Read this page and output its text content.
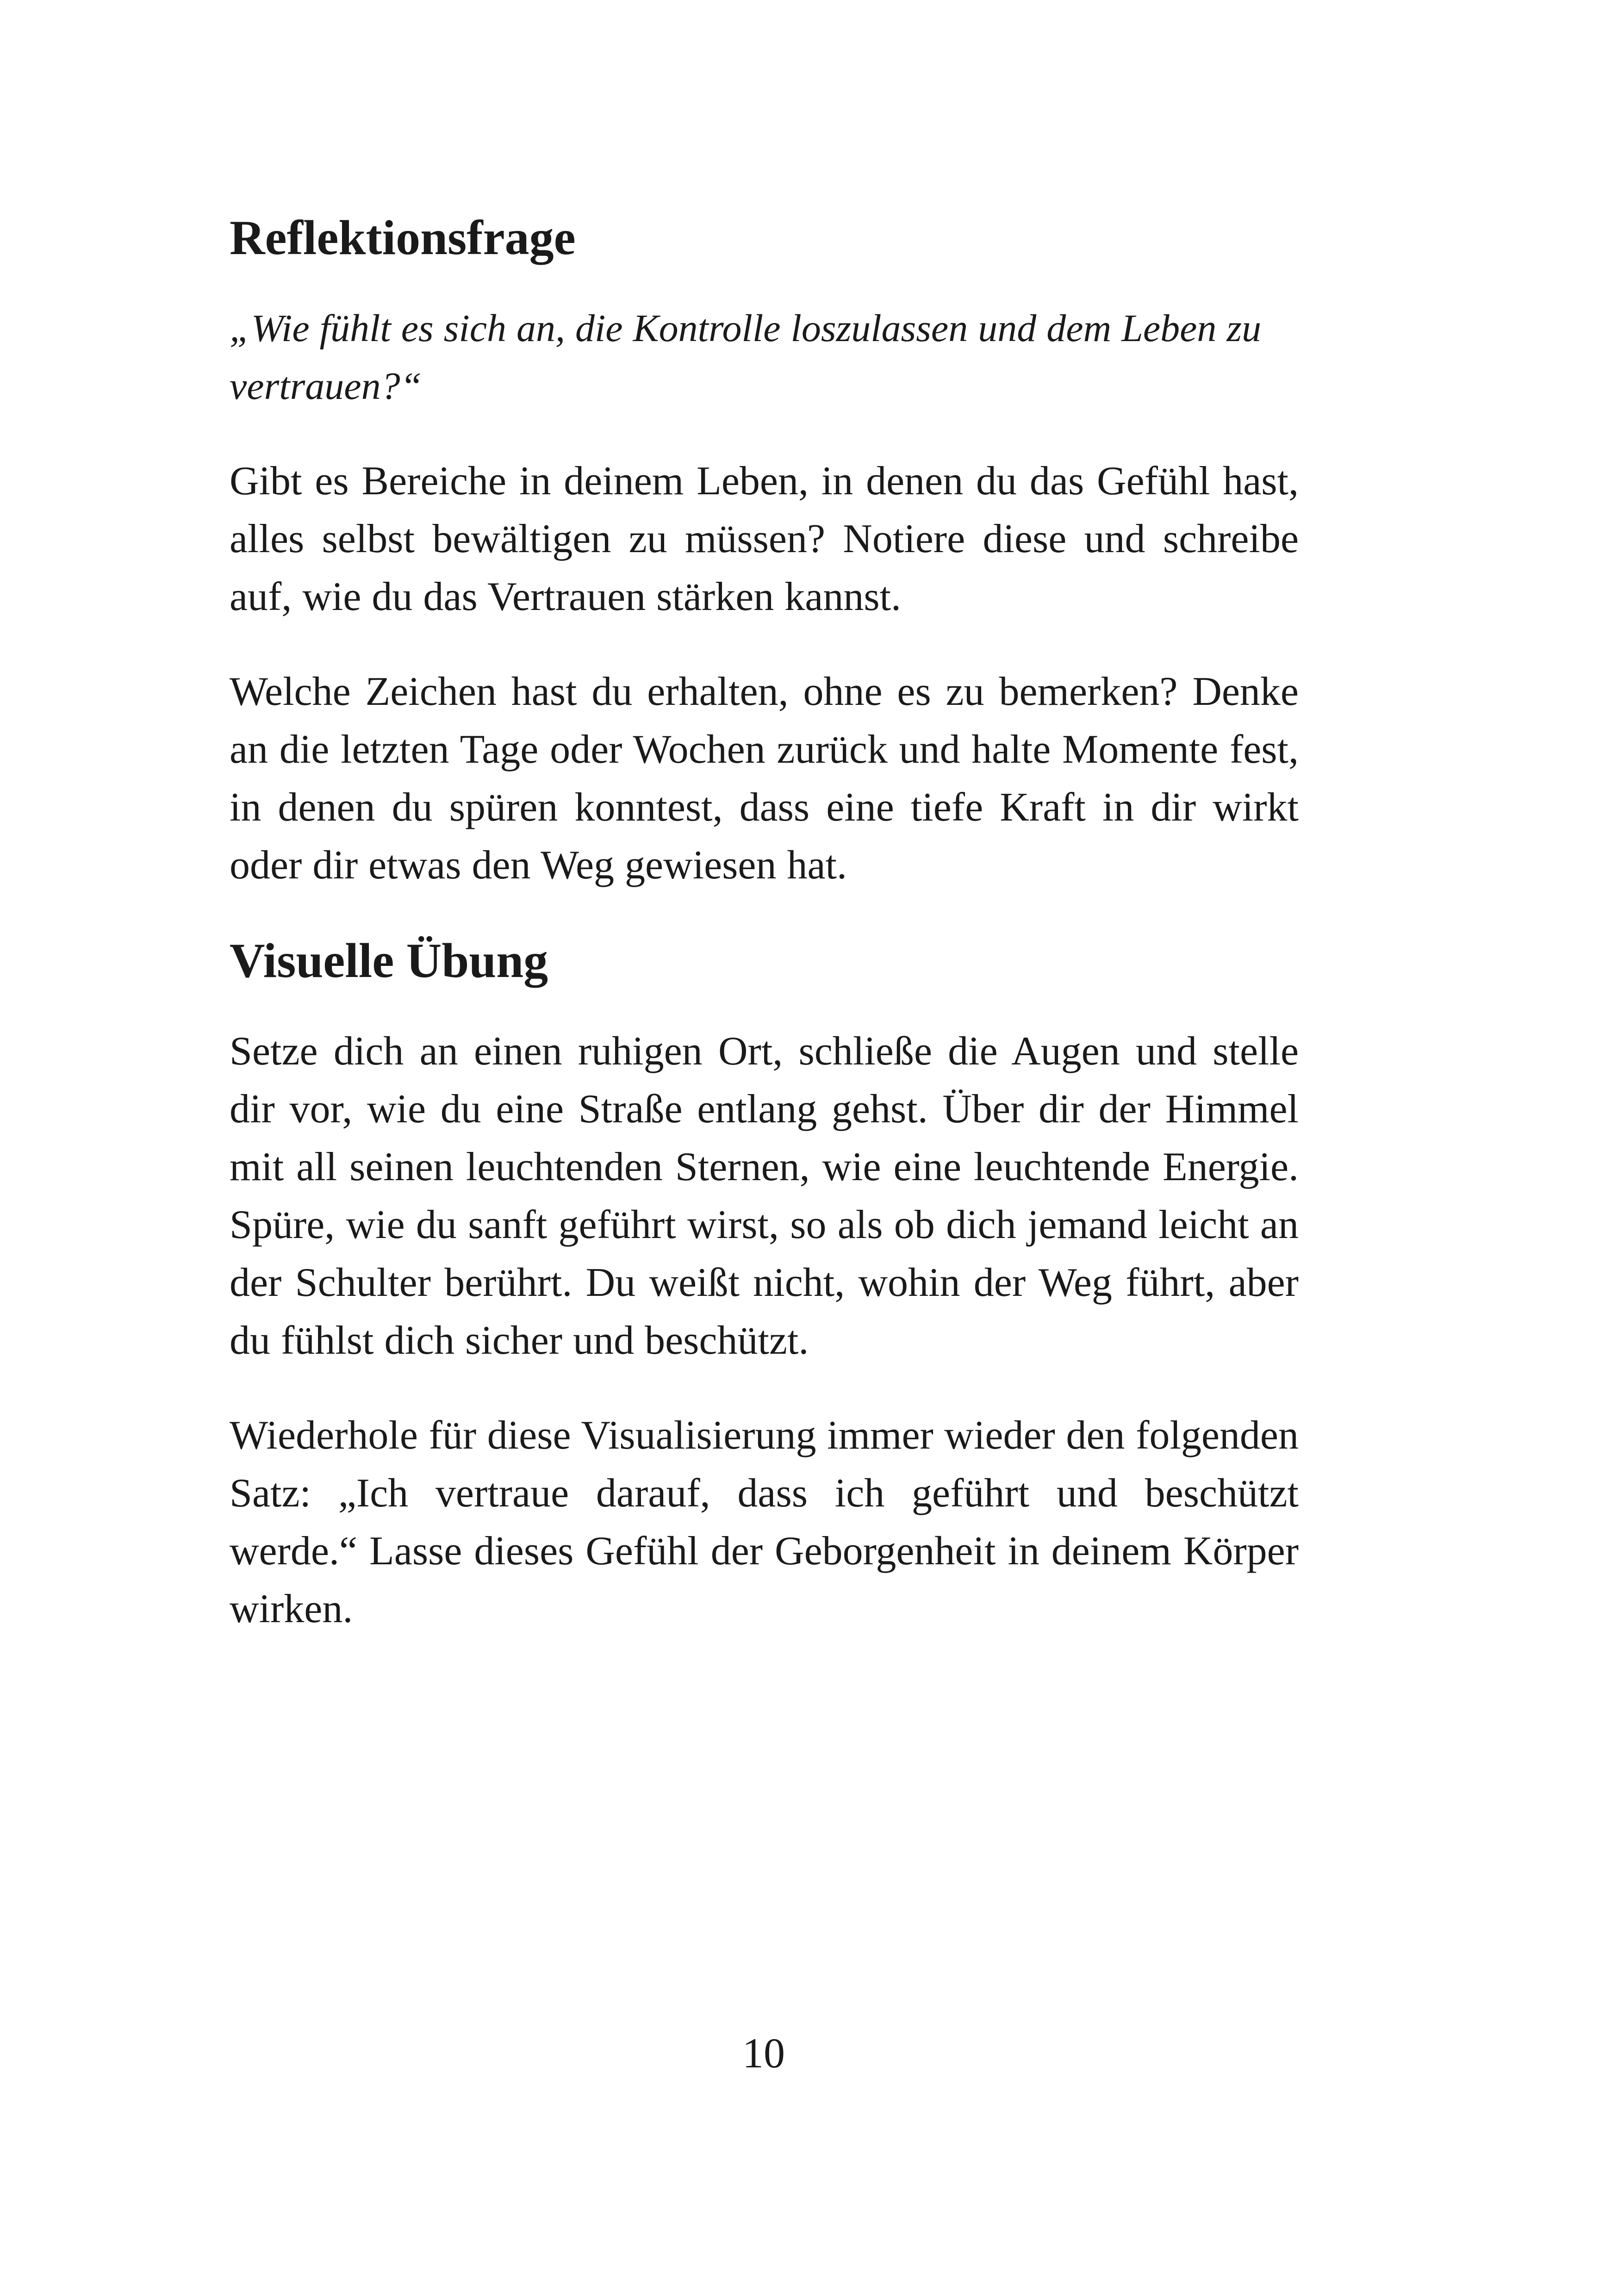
Reflektionsfrage

„Wie fühlt es sich an, die Kontrolle loszulassen und dem Leben zu vertrauen?“

Gibt es Bereiche in deinem Leben, in denen du das Gefühl hast, alles selbst bewältigen zu müssen? Notiere diese und schreibe auf, wie du das Vertrauen stärken kannst.

Welche Zeichen hast du erhalten, ohne es zu bemerken? Denke an die letzten Tage oder Wochen zurück und halte Momente fest, in denen du spüren konntest, dass eine tiefe Kraft in dir wirkt oder dir etwas den Weg gewiesen hat.

Visuelle Übung

Setze dich an einen ruhigen Ort, schließe die Augen und stelle dir vor, wie du eine Straße entlang gehst. Über dir der Himmel mit all seinen leuchtenden Sternen, wie eine leuchtende Energie. Spüre, wie du sanft geführt wirst, so als ob dich jemand leicht an der Schulter berührt. Du weißt nicht, wohin der Weg führt, aber du fühlst dich sicher und beschützt.

Wiederhole für diese Visualisierung immer wieder den folgenden Satz: „Ich vertraue darauf, dass ich geführt und beschützt werde.“ Lasse dieses Gefühl der Geborgenheit in deinem Körper wirken.

10
